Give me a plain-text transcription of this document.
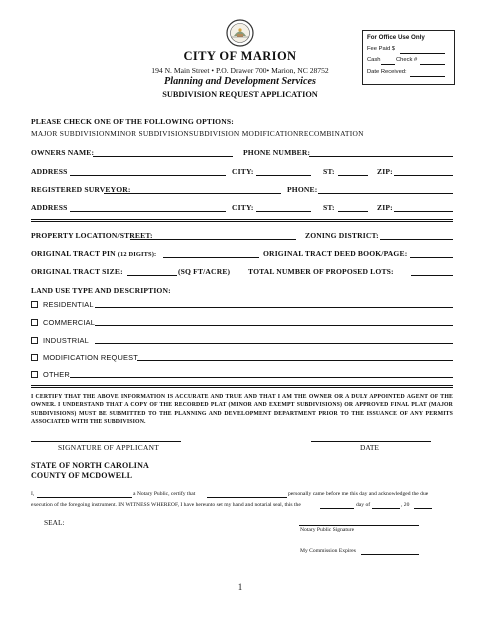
For Office Use Only
Fee Paid $
Cash	Check #
Date Received:
CITY OF MARION
194 N. Main Street • P.O. Drawer 700• Marion, NC 28752
Planning and Development Services
SUBDIVISION REQUEST APPLICATION
PLEASE CHECK ONE OF THE FOLLOWING OPTIONS:
MAJOR SUBDIVISIONMINOR SUBDIVISIONSUBDIVISION MODIFICATIONRECOMBINATION
OWNERS NAME:	PHONE NUMBER:
ADDRESS	CITY:	ST:	ZIP:
REGISTERED SURVEYOR:	PHONE:
ADDRESS	CITY:	ST:	ZIP:
PROPERTY LOCATION/STREET:	ZONING DISTRICT:
ORIGINAL TRACT PIN (12 DIGITS):	ORIGINAL TRACT DEED BOOK/PAGE:
ORIGINAL TRACT SIZE:	(SQ FT/ACRE) TOTAL NUMBER OF PROPOSED LOTS:
LAND USE TYPE AND DESCRIPTION:
RESIDENTIAL
COMMERCIAL
INDUSTRIAL
MODIFICATION REQUEST
OTHER
I CERTIFY THAT THE ABOVE INFORMATION IS ACCURATE AND TRUE AND THAT I AM THE OWNER OR A DULY APPOINTED AGENT OF THE OWNER. I UNDERSTAND THAT A COPY OF THE RECORDED PLAT (MINOR AND EXEMPT SUBDIVISIONS) OR APPROVED FINAL PLAT (MAJOR SUBDIVISIONS) MUST BE SUBMITTED TO THE PLANNING AND DEVELOPMENT DEPARTMENT PRIOR TO THE ISSUANCE OF ANY PERMITS ASSOCIATED WITH THE SUBDIVISION.
SIGNATURE OF APPLICANT	DATE
STATE OF NORTH CAROLINA
COUNTY OF MCDOWELL
I,	a Notary Public, certify that	personally came before me this day and acknowledged the due
execution of the foregoing instrument. IN WITNESS WHEREOF, I have hereunto set my hand and notarial seal, this the	day of	, 20
SEAL:
Notary Public Signature
My Commission Expires
1
